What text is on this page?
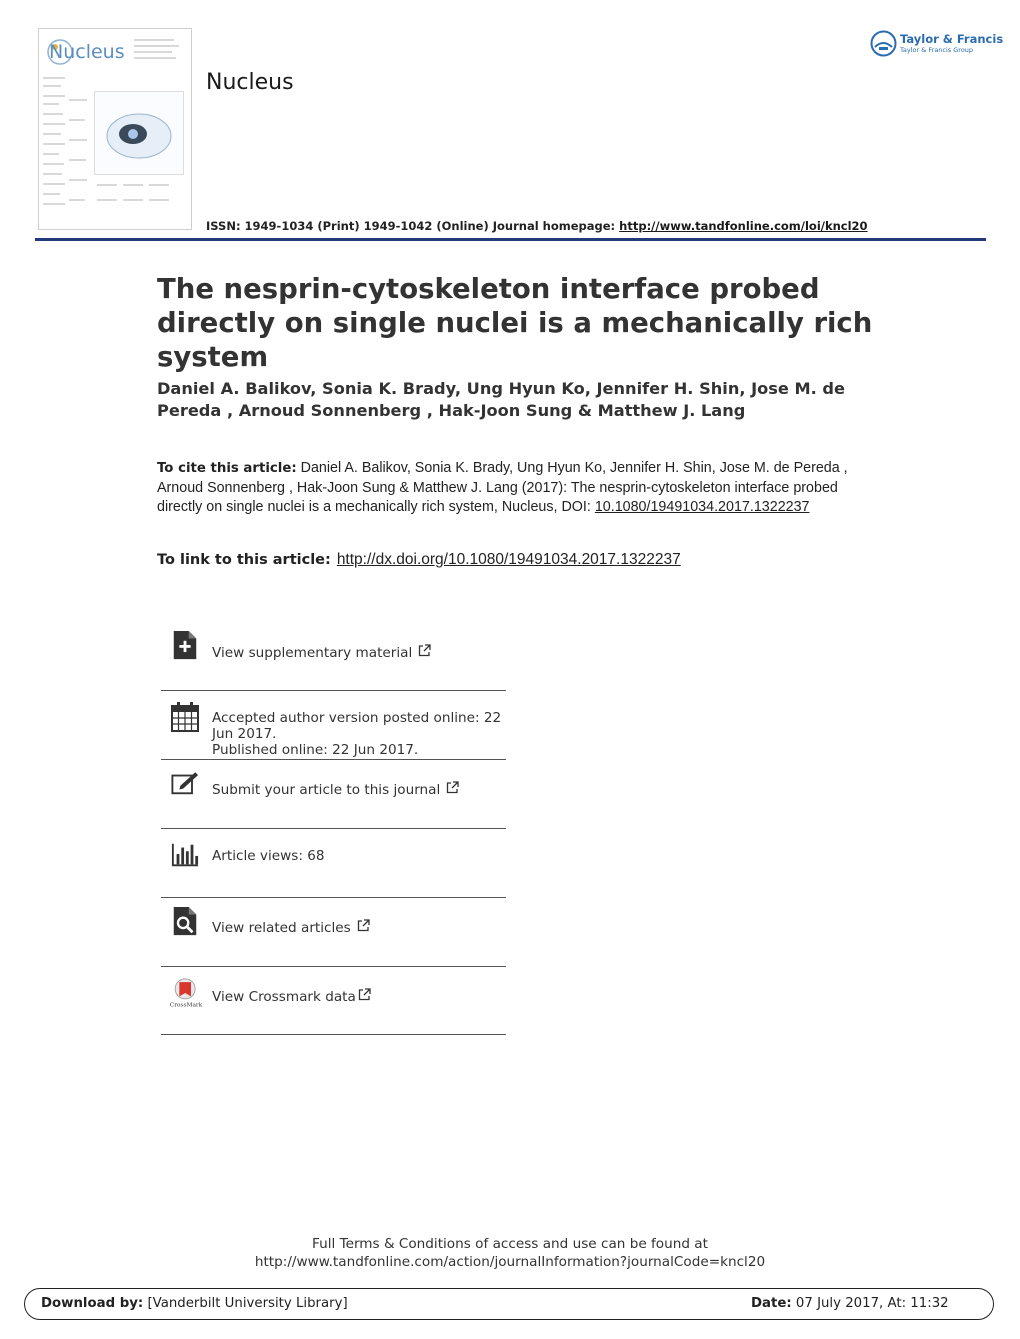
Nucleus
Nucleus
Taylor & Francis
Taylor & Francis Group
ISSN: 1949-1034 (Print) 1949-1042 (Online) Journal homepage: http://www.tandfonline.com/loi/kncl20
The nesprin-cytoskeleton interface probed directly on single nuclei is a mechanically rich system
Daniel A. Balikov, Sonia K. Brady, Ung Hyun Ko, Jennifer H. Shin, Jose M. de Pereda , Arnoud Sonnenberg , Hak-Joon Sung & Matthew J. Lang
To cite this article: Daniel A. Balikov, Sonia K. Brady, Ung Hyun Ko, Jennifer H. Shin, Jose M. de Pereda , Arnoud Sonnenberg , Hak-Joon Sung & Matthew J. Lang (2017): The nesprin-cytoskeleton interface probed directly on single nuclei is a mechanically rich system, Nucleus, DOI: 10.1080/19491034.2017.1322237
To link to this article: http://dx.doi.org/10.1080/19491034.2017.1322237
View supplementary material
Accepted author version posted online: 22
Jun 2017.
Published online: 22 Jun 2017.
Submit your article to this journal
Article views: 68
View related articles
CrossMark
View Crossmark data
Full Terms & Conditions of access and use can be found at
http://www.tandfonline.com/action/journalInformation?journalCode=kncl20
Download by: [Vanderbilt University Library]	Date: 07 July 2017, At: 11:32
